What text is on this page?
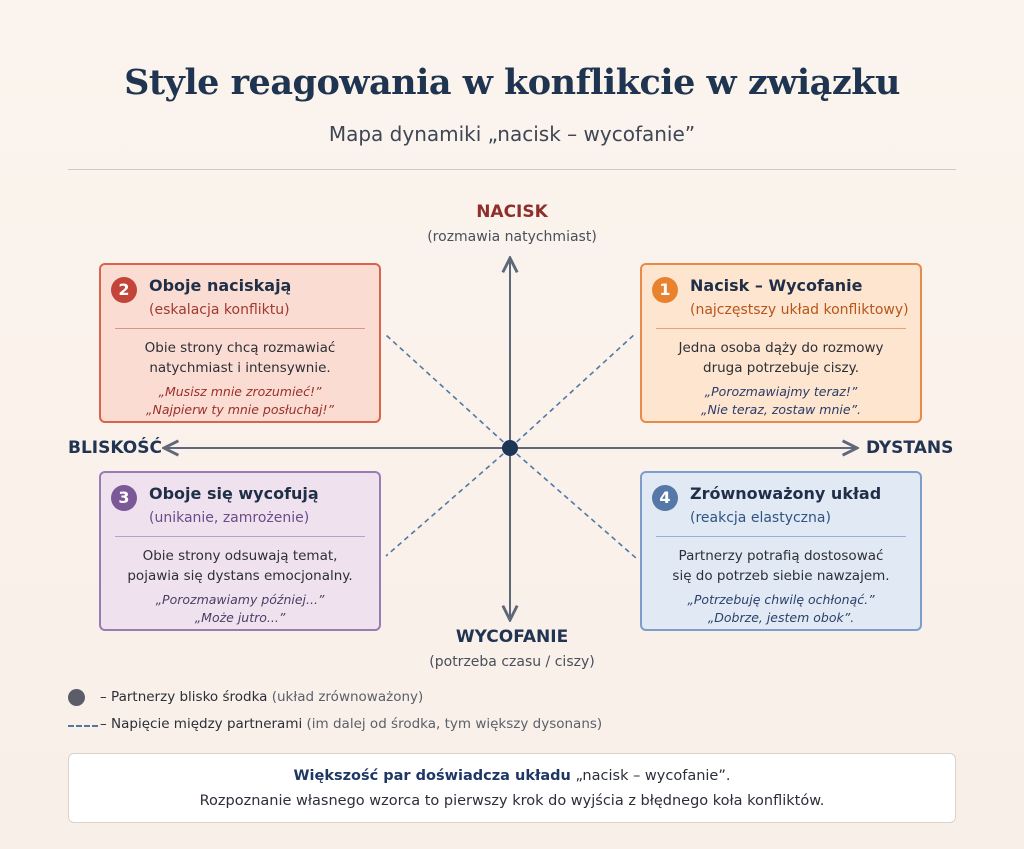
Style reagowania w konflikcie w związku
Mapa dynamiki „nacisk – wycofanie”
NACISK
(rozmawia natychmiast)
WYCOFANIE
(potrzeba czasu / ciszy)
BLISKOŚĆ	DYSTANS
1	Nacisk – Wycofanie
(najczęstszy układ konfliktowy)
Jedna osoba dąży do rozmowy
druga potrzebuje ciszy.
„Porozmawiajmy teraz!”
„Nie teraz, zostaw mnie”.
2	Oboje naciskają
(eskalacja konfliktu)
Obie strony chcą rozmawiać
natychmiast i intensywnie.
„Musisz mnie zrozumieć!”
„Najpierw ty mnie posłuchaj!”
3	Oboje się wycofują
(unikanie, zamrożenie)
Obie strony odsuwają temat,
pojawia się dystans emocjonalny.
„Porozmawiamy później...”
„Może jutro...”
4	Zrównoważony układ
(reakcja elastyczna)
Partnerzy potrafią dostosować
się do potrzeb siebie nawzajem.
„Potrzebuję chwilę ochłonąć.”
„Dobrze, jestem obok”.
– Partnerzy blisko środka (układ zrównoważony)
– Napięcie między partnerami (im dalej od środka, tym większy dysonans)
Większość par doświadcza układu „nacisk – wycofanie”.
Rozpoznanie własnego wzorca to pierwszy krok do wyjścia z błędnego koła konfliktów.
